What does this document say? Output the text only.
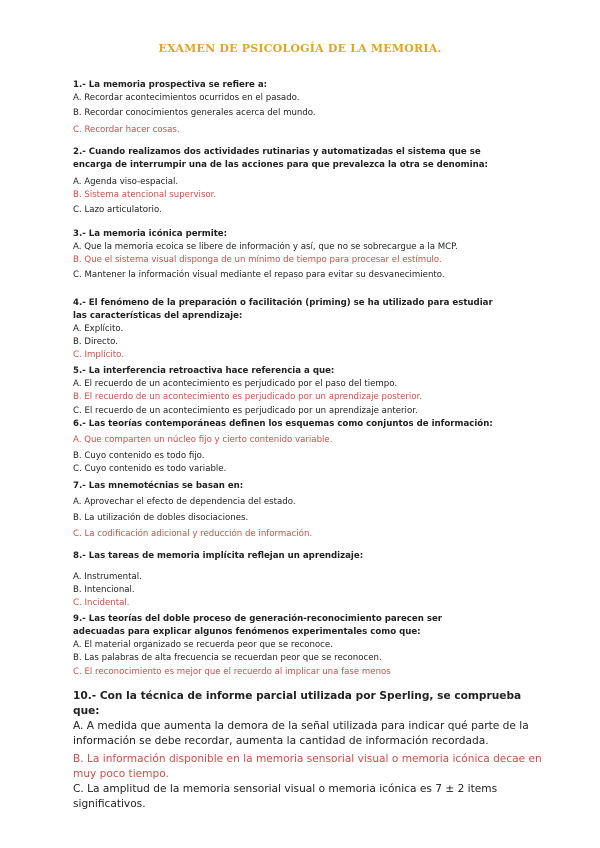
EXAMEN DE PSICOLOGÍA DE LA MEMORIA.

1.- La memoria prospectiva se refiere a:

A. Recordar acontecimientos ocurridos en el pasado.

B. Recordar conocimientos generales acerca del mundo.

C. Recordar hacer cosas.

2.- Cuando realizamos dos actividades rutinarias y automatizadas el sistema que se encarga de interrumpir una de las acciones para que prevalezca la otra se denomina:

A. Agenda viso-espacial.

B. Sistema atencional supervisor.

C. Lazo articulatorio.

3.- La memoria icónica permite:

A. Que la memoria ecoica se libere de información y así, que no se sobrecargue a la MCP.

B. Que el sistema visual disponga de un mínimo de tiempo para procesar el estímulo.

C. Mantener la información visual mediante el repaso para evitar su desvanecimiento.

4.- El fenómeno de la preparación o facilitación (priming) se ha utilizado para estudiar las características del aprendizaje:

A. Explícito.

B. Directo.

C. Implícito.

5.- La interferencia retroactiva hace referencia a que:

A. El recuerdo de un acontecimiento es perjudicado por el paso del tiempo.

B. El recuerdo de un acontecimiento es perjudicado por un aprendizaje posterior.

C. El recuerdo de un acontecimiento es perjudicado por un aprendizaje anterior.

6.- Las teorías contemporáneas definen los esquemas como conjuntos de información:

A. Que comparten un núcleo fijo y cierto contenido variable.

B. Cuyo contenido es todo fijo.

C. Cuyo contenido es todo variable.

7.- Las mnemotécnias se basan en:

A. Aprovechar el efecto de dependencia del estado.

B. La utilización de dobles disociaciones.

C. La codificación adicional y reducción de información.

8.- Las tareas de memoria implícita reflejan un aprendizaje:

A. Instrumental.

B. Intencional.

C. Incidental.

9.- Las teorías del doble proceso de generación-reconocimiento parecen ser adecuadas para explicar algunos fenómenos experimentales como que:

A. El material organizado se recuerda peor que se reconoce.

B. Las palabras de alta frecuencia se recuerdan peor que se reconocen.

C. El reconocimiento es mejor que el recuerdo al implicar una fase menos

10.- Con la técnica de informe parcial utilizada por Sperling, se comprueba que:

A. A medida que aumenta la demora de la señal utilizada para indicar qué parte de la información se debe recordar, aumenta la cantidad de información recordada.

B. La información disponible en la memoria sensorial visual o memoria icónica decae en muy poco tiempo.

C. La amplitud de la memoria sensorial visual o memoria icónica es 7 ± 2 items significativos.
